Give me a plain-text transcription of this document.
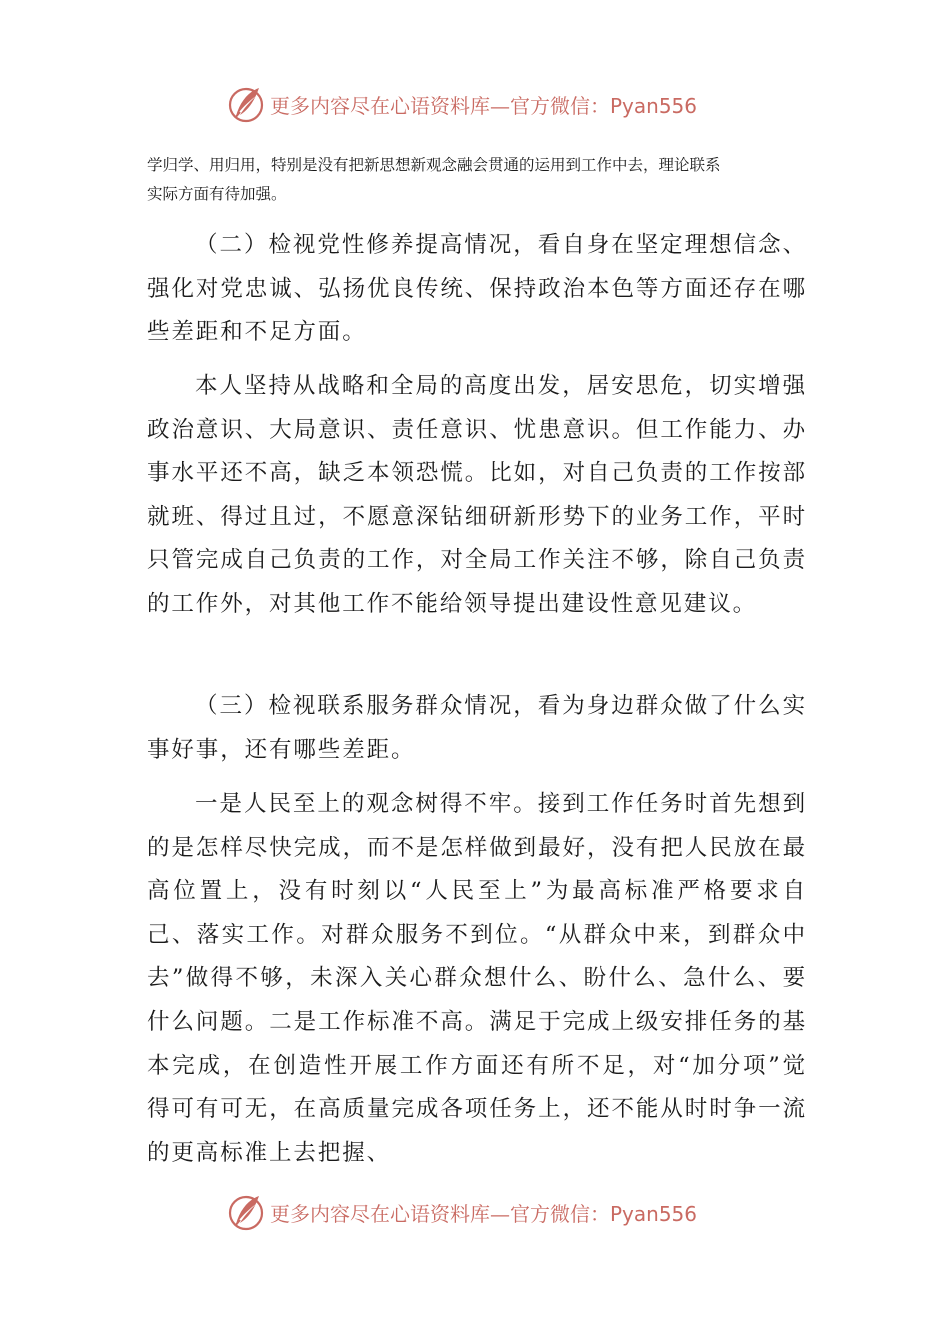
更多内容尽在心语资料库—官方微信：Pyan556

学归学、用归用，特别是没有把新思想新观念融会贯通的运用到工作中去，理论联系
实际方面有待加强。

（二）检视党性修养提高情况，看自身在坚定理想信念、强化对党忠诚、弘扬优良传统、保持政治本色等方面还存在哪些差距和不足方面。

本人坚持从战略和全局的高度出发，居安思危，切实增强政治意识、大局意识、责任意识、忧患意识。但工作能力、办事水平还不高，缺乏本领恐慌。比如，对自己负责的工作按部就班、得过且过，不愿意深钻细研新形势下的业务工作，平时只管完成自己负责的工作，对全局工作关注不够，除自己负责的工作外，对其他工作不能给领导提出建设性意见建议。

（三）检视联系服务群众情况，看为身边群众做了什么实事好事，还有哪些差距。

一是人民至上的观念树得不牢。接到工作任务时首先想到的是怎样尽快完成，而不是怎样做到最好，没有把人民放在最高位置上，没有时刻以“人民至上”为最高标准严格要求自己、落实工作。对群众服务不到位。“从群众中来，到群众中去”做得不够，未深入关心群众想什么、盼什么、急什么、要什么问题。二是工作标准不高。满足于完成上级安排任务的基本完成，在创造性开展工作方面还有所不足，对“加分项”觉得可有可无，在高质量完成各项任务上，还不能从时时争一流的更高标准上去把握、

更多内容尽在心语资料库—官方微信：Pyan556
